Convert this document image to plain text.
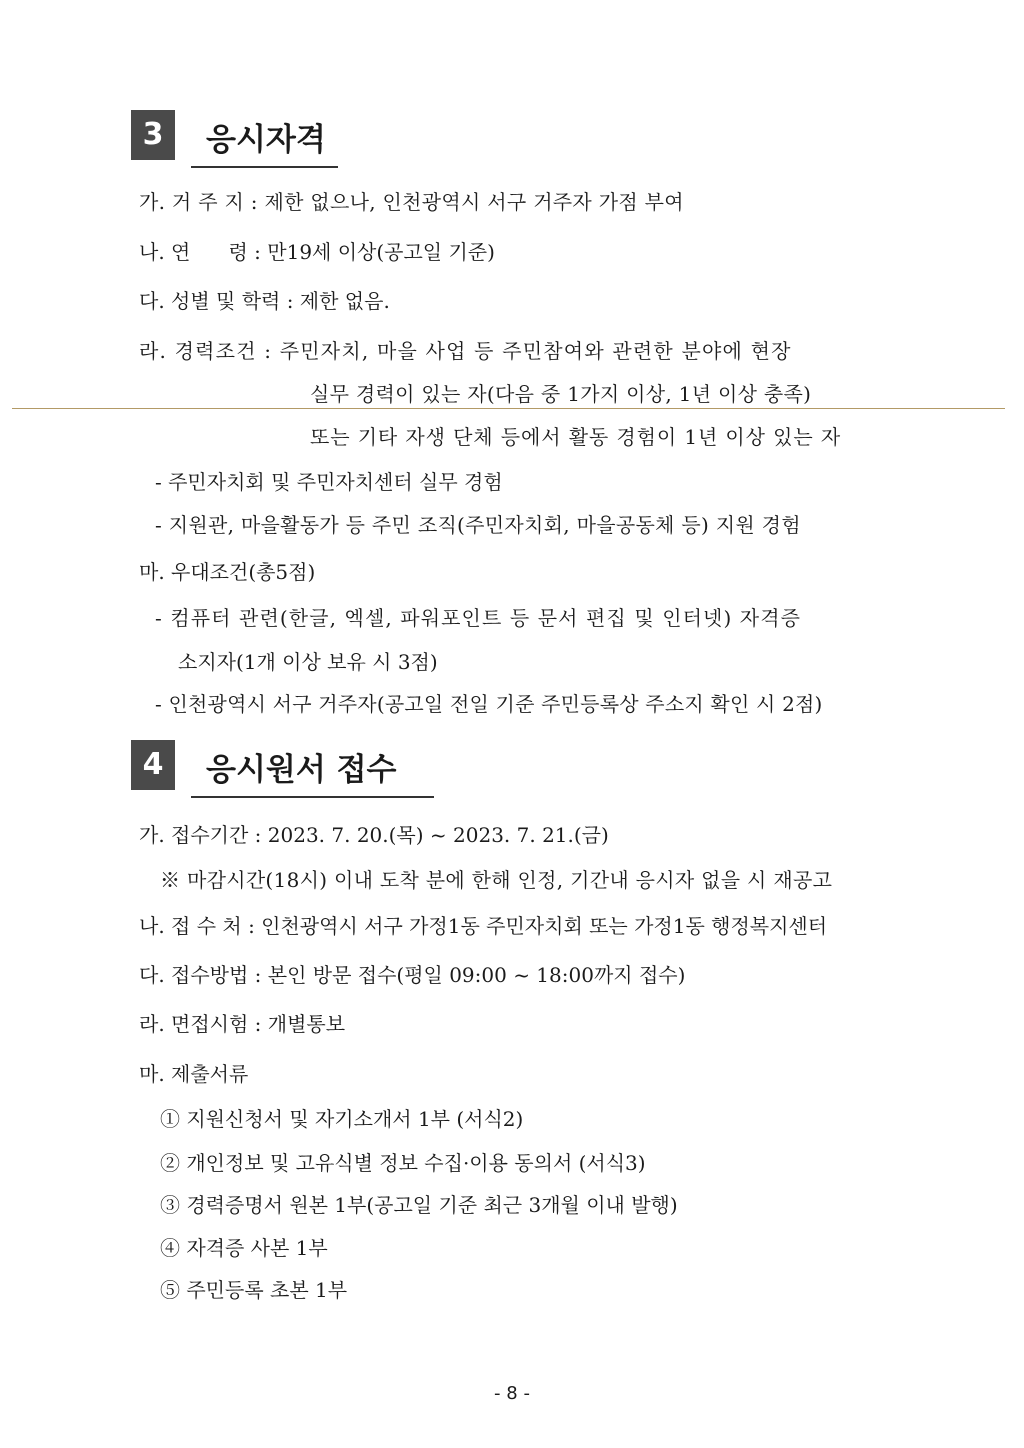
3	응시자격
가. 거 주 지 : 제한 없으나, 인천광역시 서구 거주자 가점 부여
나. 연      령 : 만19세 이상(공고일 기준)
다. 성별 및 학력 : 제한 없음.
라. 경력조건 : 주민자치, 마을 사업 등 주민참여와 관련한 분야에 현장
실무 경력이 있는 자(다음 중 1가지 이상, 1년 이상 충족)
또는 기타 자생 단체 등에서 활동 경험이 1년 이상 있는 자
- 주민자치회 및 주민자치센터 실무 경험
- 지원관, 마을활동가 등 주민 조직(주민자치회, 마을공동체 등) 지원 경험
마. 우대조건(총5점)
- 컴퓨터 관련(한글, 엑셀, 파워포인트 등 문서 편집 및 인터넷) 자격증
소지자(1개 이상 보유 시 3점)
- 인천광역시 서구 거주자(공고일 전일 기준 주민등록상 주소지 확인 시 2점)
4	응시원서 접수
가. 접수기간 : 2023. 7. 20.(목) ~ 2023. 7. 21.(금)
※ 마감시간(18시) 이내 도착 분에 한해 인정, 기간내 응시자 없을 시 재공고
나. 접 수 처 : 인천광역시 서구 가정1동 주민자치회 또는 가정1동 행정복지센터
다. 접수방법 : 본인 방문 접수(평일 09:00 ~ 18:00까지 접수)
라. 면접시험 : 개별통보
마. 제출서류
① 지원신청서 및 자기소개서 1부 (서식2)
② 개인정보 및 고유식별 정보 수집·이용 동의서 (서식3)
③ 경력증명서 원본 1부(공고일 기준 최근 3개월 이내 발행)
④ 자격증 사본 1부
⑤ 주민등록 초본 1부
- 8 -
